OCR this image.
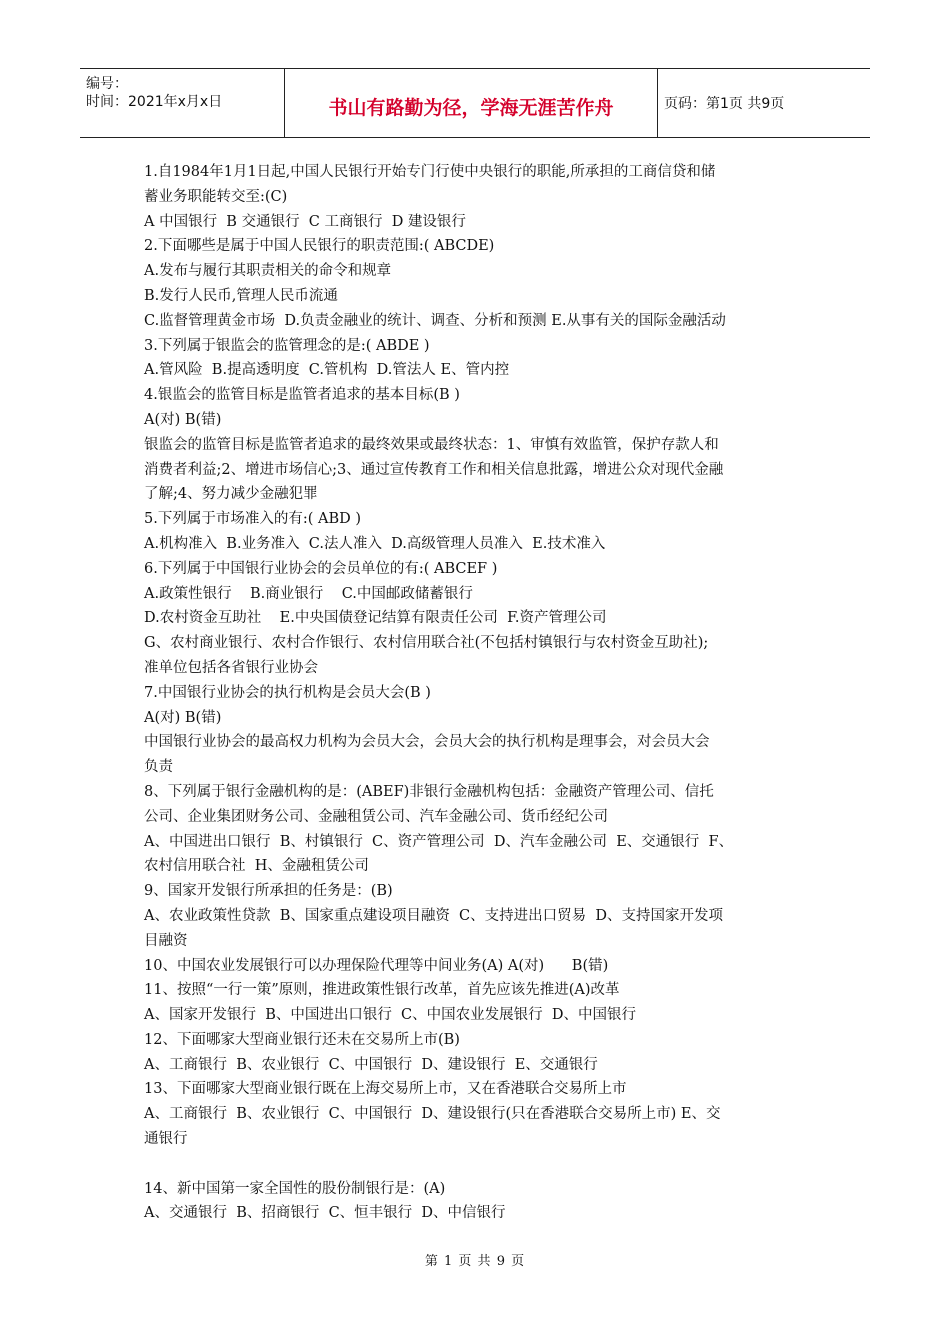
编号：
时间：2021年x月x日	书山有路勤为径，学海无涯苦作舟	页码：第1页 共9页

1.自1984年1月1日起,中国人民银行开始专门行使中央银行的职能,所承担的工商信贷和储

蓄业务职能转交至:(C)

A 中国银行  B 交通银行  C 工商银行  D 建设银行

2.下面哪些是属于中国人民银行的职责范围:( ABCDE)

A.发布与履行其职责相关的命令和规章

B.发行人民币,管理人民币流通

C.监督管理黄金市场  D.负责金融业的统计、调查、分析和预测 E.从事有关的国际金融活动

3.下列属于银监会的监管理念的是:( ABDE )

A.管风险  B.提高透明度  C.管机构  D.管法人 E、管内控

4.银监会的监管目标是监管者追求的基本目标(B )

A(对) B(错)

银监会的监管目标是监管者追求的最终效果或最终状态：1、审慎有效监管，保护存款人和

消费者利益;2、增进市场信心;3、通过宣传教育工作和相关信息批露，增进公众对现代金融

了解;4、努力减少金融犯罪

5.下列属于市场准入的有:( ABD )

A.机构准入  B.业务准入  C.法人准入  D.高级管理人员准入  E.技术准入

6.下列属于中国银行业协会的会员单位的有:( ABCEF )

A.政策性银行    B.商业银行    C.中国邮政储蓄银行

D.农村资金互助社    E.中央国债登记结算有限责任公司  F.资产管理公司

G、农村商业银行、农村合作银行、农村信用联合社(不包括村镇银行与农村资金互助社);

准单位包括各省银行业协会

7.中国银行业协会的执行机构是会员大会(B )

A(对) B(错)

中国银行业协会的最高权力机构为会员大会，会员大会的执行机构是理事会，对会员大会

负责

8、下列属于银行金融机构的是：(ABEF)非银行金融机构包括：金融资产管理公司、信托

公司、企业集团财务公司、金融租赁公司、汽车金融公司、货币经纪公司

A、中国进出口银行  B、村镇银行  C、资产管理公司  D、汽车金融公司  E、交通银行  F、

农村信用联合社  H、金融租赁公司

9、国家开发银行所承担的任务是：(B)

A、农业政策性贷款  B、国家重点建设项目融资  C、支持进出口贸易  D、支持国家开发项

目融资

10、中国农业发展银行可以办理保险代理等中间业务(A) A(对)      B(错)

11、按照“一行一策”原则，推进政策性银行改革，首先应该先推进(A)改革

A、国家开发银行  B、中国进出口银行  C、中国农业发展银行  D、中国银行

12、下面哪家大型商业银行还未在交易所上市(B)

A、工商银行  B、农业银行  C、中国银行  D、建设银行  E、交通银行

13、下面哪家大型商业银行既在上海交易所上市，又在香港联合交易所上市

A、工商银行  B、农业银行  C、中国银行  D、建设银行(只在香港联合交易所上市) E、交

通银行

14、新中国第一家全国性的股份制银行是：(A)

A、交通银行  B、招商银行  C、恒丰银行  D、中信银行

第 1 页 共 9 页
